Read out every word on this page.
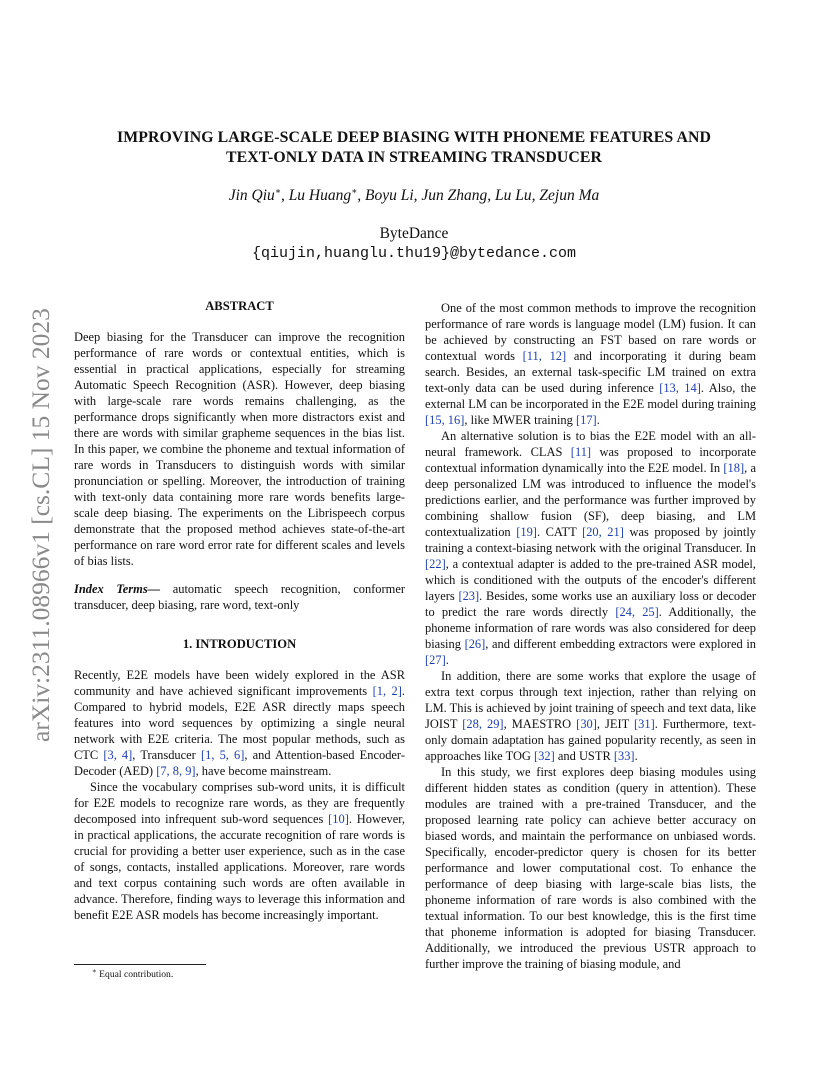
arXiv:2311.08966v1 [cs.CL] 15 Nov 2023
IMPROVING LARGE-SCALE DEEP BIASING WITH PHONEME FEATURES AND
TEXT-ONLY DATA IN STREAMING TRANSDUCER
Jin Qiu∗, Lu Huang∗, Boyu Li, Jun Zhang, Lu Lu, Zejun Ma
ByteDance
{qiujin,huanglu.thu19}@bytedance.com
ABSTRACT

Deep biasing for the Transducer can improve the recognition performance of rare words or contextual entities, which is essential in practical applications, especially for streaming Automatic Speech Recognition (ASR). However, deep biasing with large-scale rare words remains challenging, as the performance drops significantly when more distractors exist and there are words with similar grapheme sequences in the bias list. In this paper, we combine the phoneme and textual information of rare words in Transducers to distinguish words with similar pronunciation or spelling. Moreover, the introduction of training with text-only data containing more rare words benefits large-scale deep biasing. The experiments on the Librispeech corpus demonstrate that the proposed method achieves state-of-the-art performance on rare word error rate for different scales and levels of bias lists.

Index Terms— automatic speech recognition, conformer transducer, deep biasing, rare word, text-only

1. INTRODUCTION

Recently, E2E models have been widely explored in the ASR community and have achieved significant improvements [1, 2]. Compared to hybrid models, E2E ASR directly maps speech features into word sequences by optimizing a single neural network with E2E criteria. The most popular methods, such as CTC [3, 4], Transducer [1, 5, 6], and Attention-based Encoder-Decoder (AED) [7, 8, 9], have become mainstream.

Since the vocabulary comprises sub-word units, it is difficult for E2E models to recognize rare words, as they are frequently decomposed into infrequent sub-word sequences [10]. However, in practical applications, the accurate recognition of rare words is crucial for providing a better user experience, such as in the case of songs, contacts, installed applications. Moreover, rare words and text corpus containing such words are often available in advance. Therefore, finding ways to leverage this information and benefit E2E ASR models has become increasingly important.

One of the most common methods to improve the recognition performance of rare words is language model (LM) fusion. It can be achieved by constructing an FST based on rare words or contextual words [11, 12] and incorporating it during beam search. Besides, an external task-specific LM trained on extra text-only data can be used during inference [13, 14]. Also, the external LM can be incorporated in the E2E model during training [15, 16], like MWER training [17].

An alternative solution is to bias the E2E model with an all-neural framework. CLAS [11] was proposed to incorporate contextual information dynamically into the E2E model. In [18], a deep personalized LM was introduced to influence the model's predictions earlier, and the performance was further improved by combining shallow fusion (SF), deep biasing, and LM contextualization [19]. CATT [20, 21] was proposed by jointly training a context-biasing network with the original Transducer. In [22], a contextual adapter is added to the pre-trained ASR model, which is conditioned with the outputs of the encoder's different layers [23]. Besides, some works use an auxiliary loss or decoder to predict the rare words directly [24, 25]. Additionally, the phoneme information of rare words was also considered for deep biasing [26], and different embedding extractors were explored in [27].

In addition, there are some works that explore the usage of extra text corpus through text injection, rather than relying on LM. This is achieved by joint training of speech and text data, like JOIST [28, 29], MAESTRO [30], JEIT [31]. Furthermore, text-only domain adaptation has gained popularity recently, as seen in approaches like TOG [32] and USTR [33].

In this study, we first explores deep biasing modules using different hidden states as condition (query in attention). These modules are trained with a pre-trained Transducer, and the proposed learning rate policy can achieve better accuracy on biased words, and maintain the performance on unbiased words. Specifically, encoder-predictor query is chosen for its better performance and lower computational cost. To enhance the performance of deep biasing with large-scale bias lists, the phoneme information of rare words is also combined with the textual information. To our best knowledge, this is the first time that phoneme information is adopted for biasing Transducer. Additionally, we introduced the previous USTR approach to further improve the training of biasing module, and

∗ Equal contribution.
